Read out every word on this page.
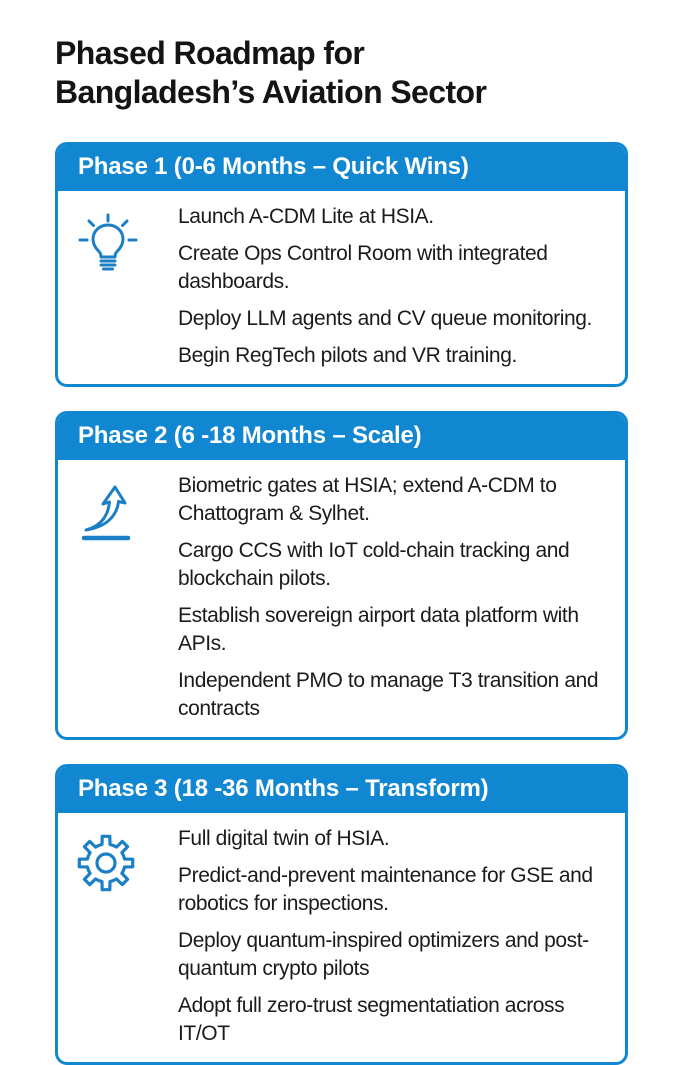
Phased Roadmap for
Bangladesh’s Aviation Sector
Phase 1 (0-6 Months – Quick Wins)
Launch A-CDM Lite at HSIA.
Create Ops Control Room with integrated dashboards.
Deploy LLM agents and CV queue monitoring.
Begin RegTech pilots and VR training.
Phase 2 (6 -18 Months – Scale)
Biometric gates at HSIA; extend A-CDM to Chattogram & Sylhet.
Cargo CCS with IoT cold-chain tracking and blockchain pilots.
Establish sovereign airport data platform with APIs.
Independent PMO to manage T3 transition and contracts
Phase 3 (18 -36 Months – Transform)
Full digital twin of HSIA.
Predict-and-prevent maintenance for GSE and robotics for inspections.
Deploy quantum-inspired optimizers and post-quantum crypto pilots
Adopt full zero-trust segmentatiation across IT/OT
